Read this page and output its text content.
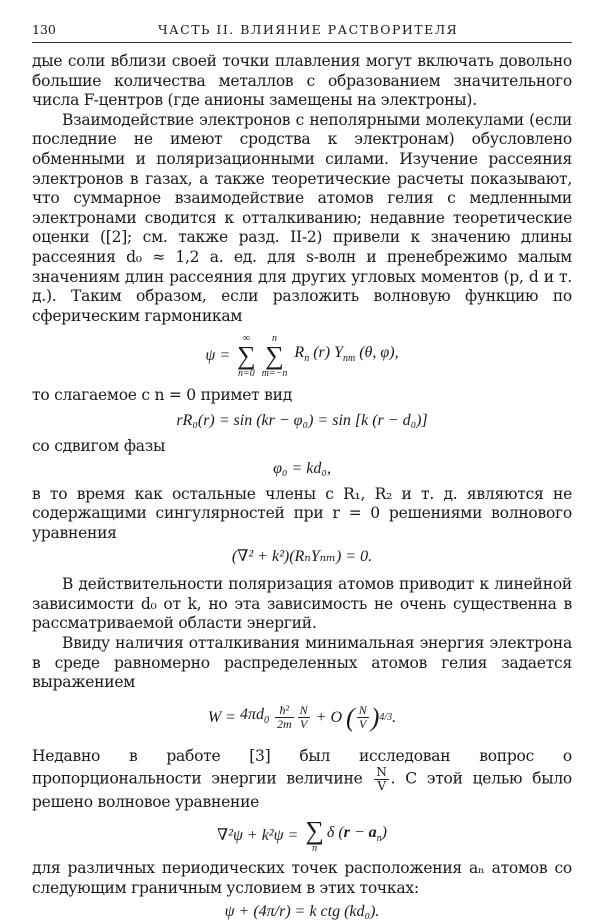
130	ЧАСТЬ II. ВЛИЯНИЕ РАСТВОРИТЕЛЯ

дые соли вблизи своей точки плавления могут включать довольно большие количества металлов с образованием значительного числа F-центров (где анионы замещены на электроны).

Взаимодействие электронов с неполярными молекулами (если последние не имеют сродства к электронам) обусловлено обменными и поляризационными силами. Изучение рассеяния электронов в газах, а также теоретические расчеты показывают, что суммарное взаимодействие атомов гелия с медленными электронами сводится к отталкиванию; недавние теоретические оценки ([2]; см. также разд. II-2) привели к значению длины рассеяния d₀ ≈ 1,2 а. ед. для s-волн и пренебрежимо малым значениям длин рассеяния для других угловых моментов (p, d и т. д.). Таким образом, если разложить волновую функцию по сферическим гармоникам

ψ =
∞
∑
n=0
n
∑
m=−n

$R_n$ (r) $Y_{nm}$ (θ, φ),

то слагаемое с n = 0 примет вид

rR₀(r) = sin (kr − φ₀) = sin [k (r − d₀)]

со сдвигом фазы

φ₀ = kd₀,

в то время как остальные члены с R₁, R₂ и т. д. являются не содержащими сингулярностей при r = 0 решениями волнового уравнения

(∇² + k²)(RₙYₙₘ) = 0.

В действительности поляризация атомов приводит к линейной зависимости d₀ от k, но эта зависимость не очень существенна в рассматриваемой области энергий.

Ввиду наличия отталкивания минимальная энергия электрона в среде равномерно распределенных атомов гелия задается выражением

$W = 4\pi d_0$
$\frac{\text{ħ²}}{2m} \frac{N}{V} + O$
( $\frac{N}{V}$ ) 4/3 .

Недавно в работе [3] был исследован вопрос о пропорциональности энергии величине $\frac{N}{V}$ . С этой целью было решено волновое уравнение

∇²ψ + k²ψ = ∑
n
δ $(r - a_n)$

для различных периодических точек расположения aₙ атомов со следующим граничным условием в этих точках:

ψ + (4π/r) = k ctg (kd₀).
